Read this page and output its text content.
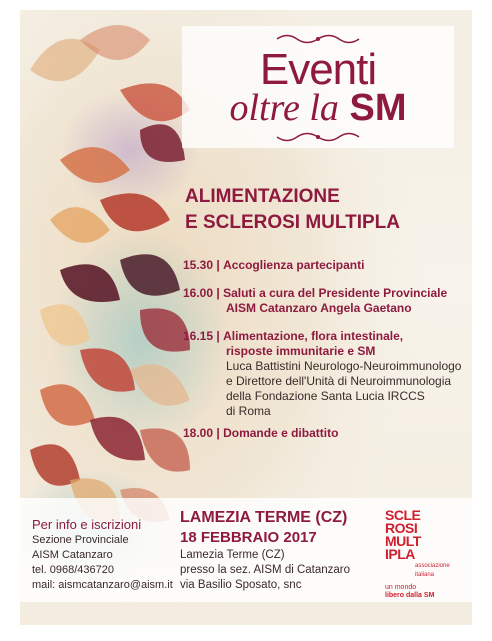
Eventi
oltre la SM
ALIMENTAZIONE
E SCLEROSI MULTIPLA
15.30 | Accoglienza partecipanti
16.00 | Saluti a cura del Presidente Provinciale
AISM Catanzaro Angela Gaetano
16.15 | Alimentazione, flora intestinale,
risposte immunitarie e SM
Luca Battistini Neurologo-Neuroimmunologo
e Direttore dell'Unità di Neuroimmunologia
della Fondazione Santa Lucia IRCCS
di Roma
18.00 | Domande e dibattito
Per info e iscrizioni
Sezione Provinciale
AISM Catanzaro
tel. 0968/436720
mail: aismcatanzaro@aism.it
LAMEZIA TERME (CZ)
18 FEBBRAIO 2017
Lamezia Terme (CZ)
presso la sez. AISM di Catanzaro
via Basilio Sposato, snc
SCLE
ROSI
MULT
IPLA
associazione
italiana
un mondo
libero dalla SM
